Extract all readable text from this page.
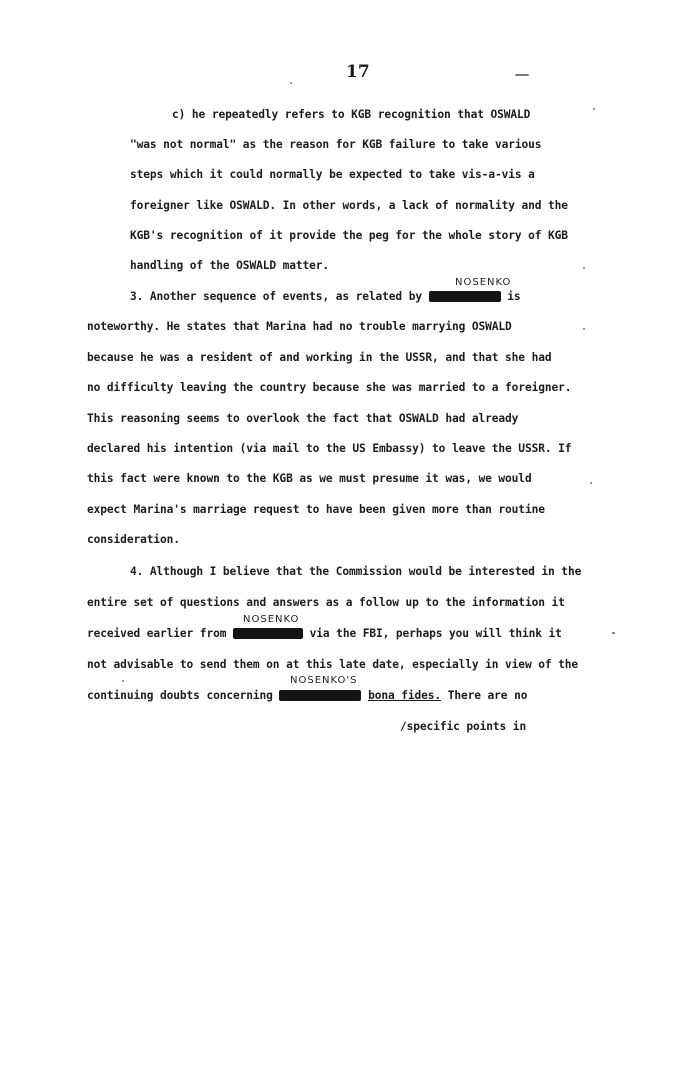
17
c) he repeatedly refers to KGB recognition that OSWALD
"was not normal" as the reason for KGB failure to take various
steps which it could normally be expected to take vis-a-vis a
foreigner like OSWALD. In other words, a lack of normality and the
KGB's recognition of it provide the peg for the whole story of KGB
handling of the OSWALD matter.
NOSENKO
3. Another sequence of events, as related by	is
noteworthy. He states that Marina had no trouble marrying OSWALD
because he was a resident of and working in the USSR, and that she had
no difficulty leaving the country because she was married to a foreigner.
This reasoning seems to overlook the fact that OSWALD had already
declared his intention (via mail to the US Embassy) to leave the USSR. If
this fact were known to the KGB as we must presume it was, we would
expect Marina's marriage request to have been given more than routine
consideration.
4. Although I believe that the Commission would be interested in the
entire set of questions and answers as a follow up to the information it
NOSENKO
received earlier from	via the FBI, perhaps you will think it
not advisable to send them on at this late date, especially in view of the
NOSENKO'S
continuing doubts concerning	bona fides. There are no
/specific points in
